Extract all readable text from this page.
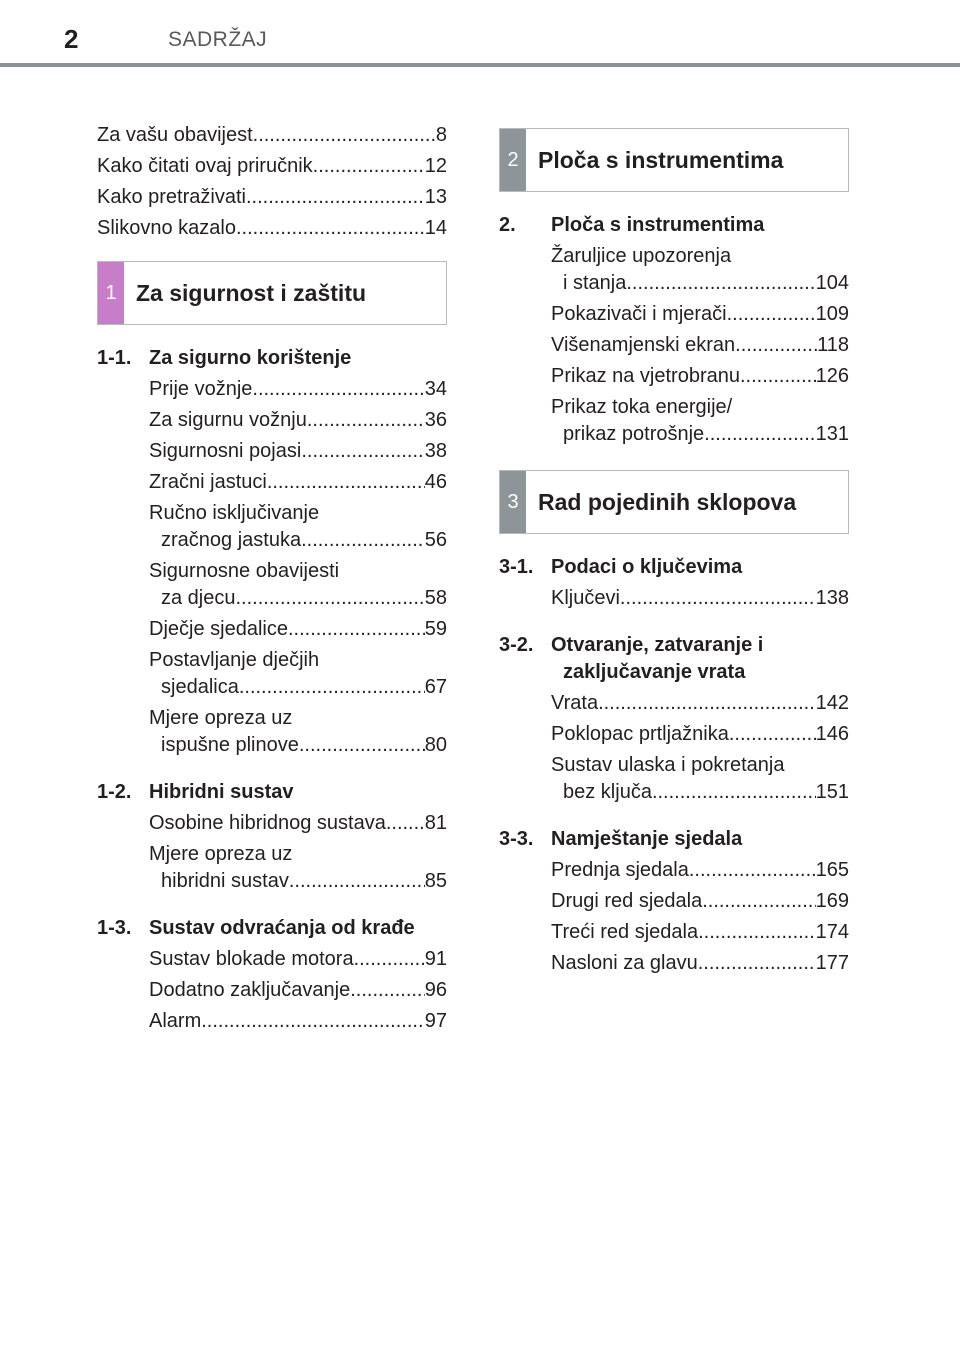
2	SADRŽAJ
Za vašu obavijest .....	8
Kako čitati ovaj priručnik .....	12
Kako pretraživati .....	13
Slikovno kazalo .....	14
1 Za sigurnost i zaštitu
1-1. Za sigurno korištenje
Prije vožnje .....	34
Za sigurnu vožnju .....	36
Sigurnosni pojasi .....	38
Zračni jastuci .....	46
Ručno isključivanje
zračnog jastuka .....	56
Sigurnosne obavijesti
za djecu .....	58
Dječje sjedalice .....	59
Postavljanje dječjih
sjedalica .....	67
Mjere opreza uz
ispušne plinove .....	80
1-2. Hibridni sustav
Osobine hibridnog sustava ..... 81
Mjere opreza uz
hibridni sustav .....	85
1-3. Sustav odvraćanja od krađe
Sustav blokade motora .....	91
Dodatno zaključavanje .....	96
Alarm .....	97
2 Ploča s instrumentima
2.	Ploča s instrumentima
Žaruljice upozorenja
i stanja .....	104
Pokazivači i mjerači .....	109
Višenamjenski ekran .....	118
Prikaz na vjetrobranu .....	126
Prikaz toka energije/
prikaz potrošnje .....	131
3 Rad pojedinih sklopova
3-1. Podaci o ključevima
Ključevi .....	138
3-2. Otvaranje, zatvaranje i
zaključavanje vrata
Vrata .....	142
Poklopac prtljažnika .....	146
Sustav ulaska i pokretanja
bez ključa .....	151
3-3. Namještanje sjedala
Prednja sjedala .....	165
Drugi red sjedala .....	169
Treći red sjedala .....	174
Nasloni za glavu .....	177
